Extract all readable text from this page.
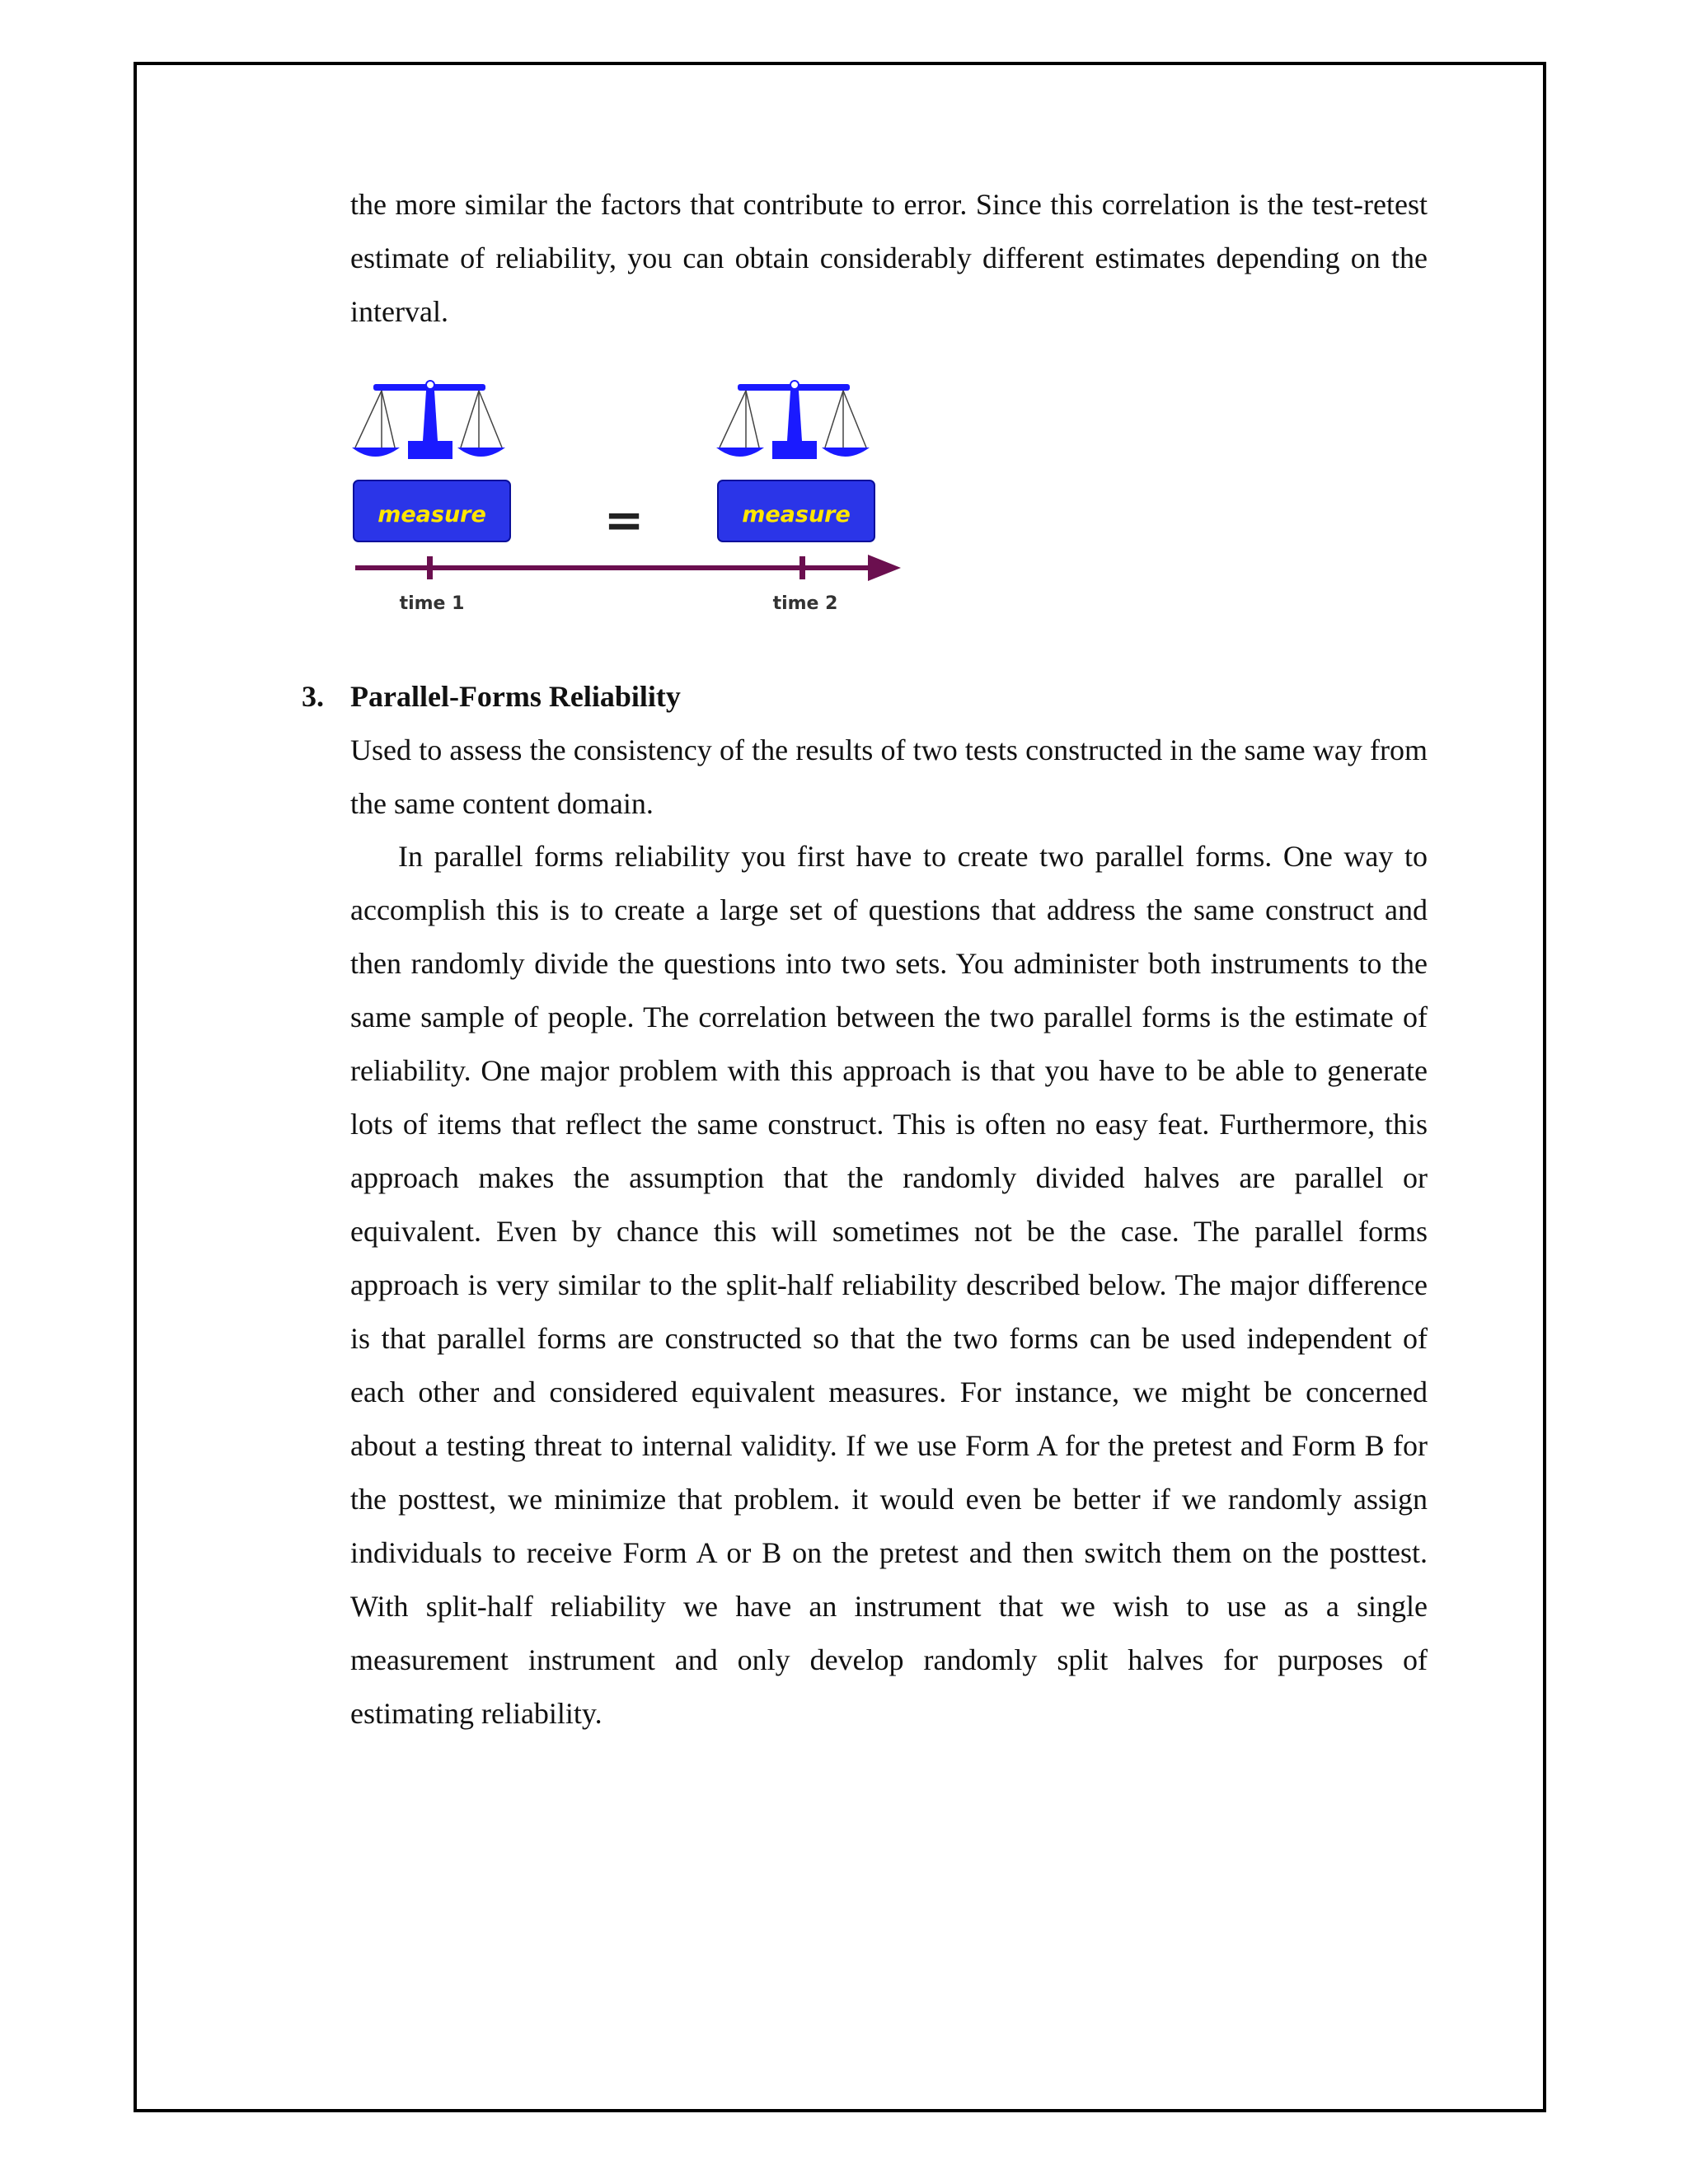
the more similar the factors that contribute to error. Since this correlation is the test-retest estimate of reliability, you can obtain considerably different estimates depending on the interval.

measure	measure
=
time 1	time 2
3. Parallel-Forms Reliability

Used to assess the consistency of the results of two tests constructed in the same way from the same content domain.

In parallel forms reliability you first have to create two parallel forms. One way to accomplish this is to create a large set of questions that address the same construct and then randomly divide the questions into two sets. You administer both instruments to the same sample of people. The correlation between the two parallel forms is the estimate of reliability. One major problem with this approach is that you have to be able to generate lots of items that reflect the same construct. This is often no easy feat. Furthermore, this approach makes the assumption that the randomly divided halves are parallel or equivalent. Even by chance this will sometimes not be the case. The parallel forms approach is very similar to the split-half reliability described below. The major difference is that parallel forms are constructed so that the two forms can be used independent of each other and considered equivalent measures. For instance, we might be concerned about a testing threat to internal validity. If we use Form A for the pretest and Form B for the posttest, we minimize that problem. it would even be better if we randomly assign individuals to receive Form A or B on the pretest and then switch them on the posttest. With split-half reliability we have an instrument that we wish to use as a single measurement instrument and only develop randomly split halves for purposes of estimating reliability.
